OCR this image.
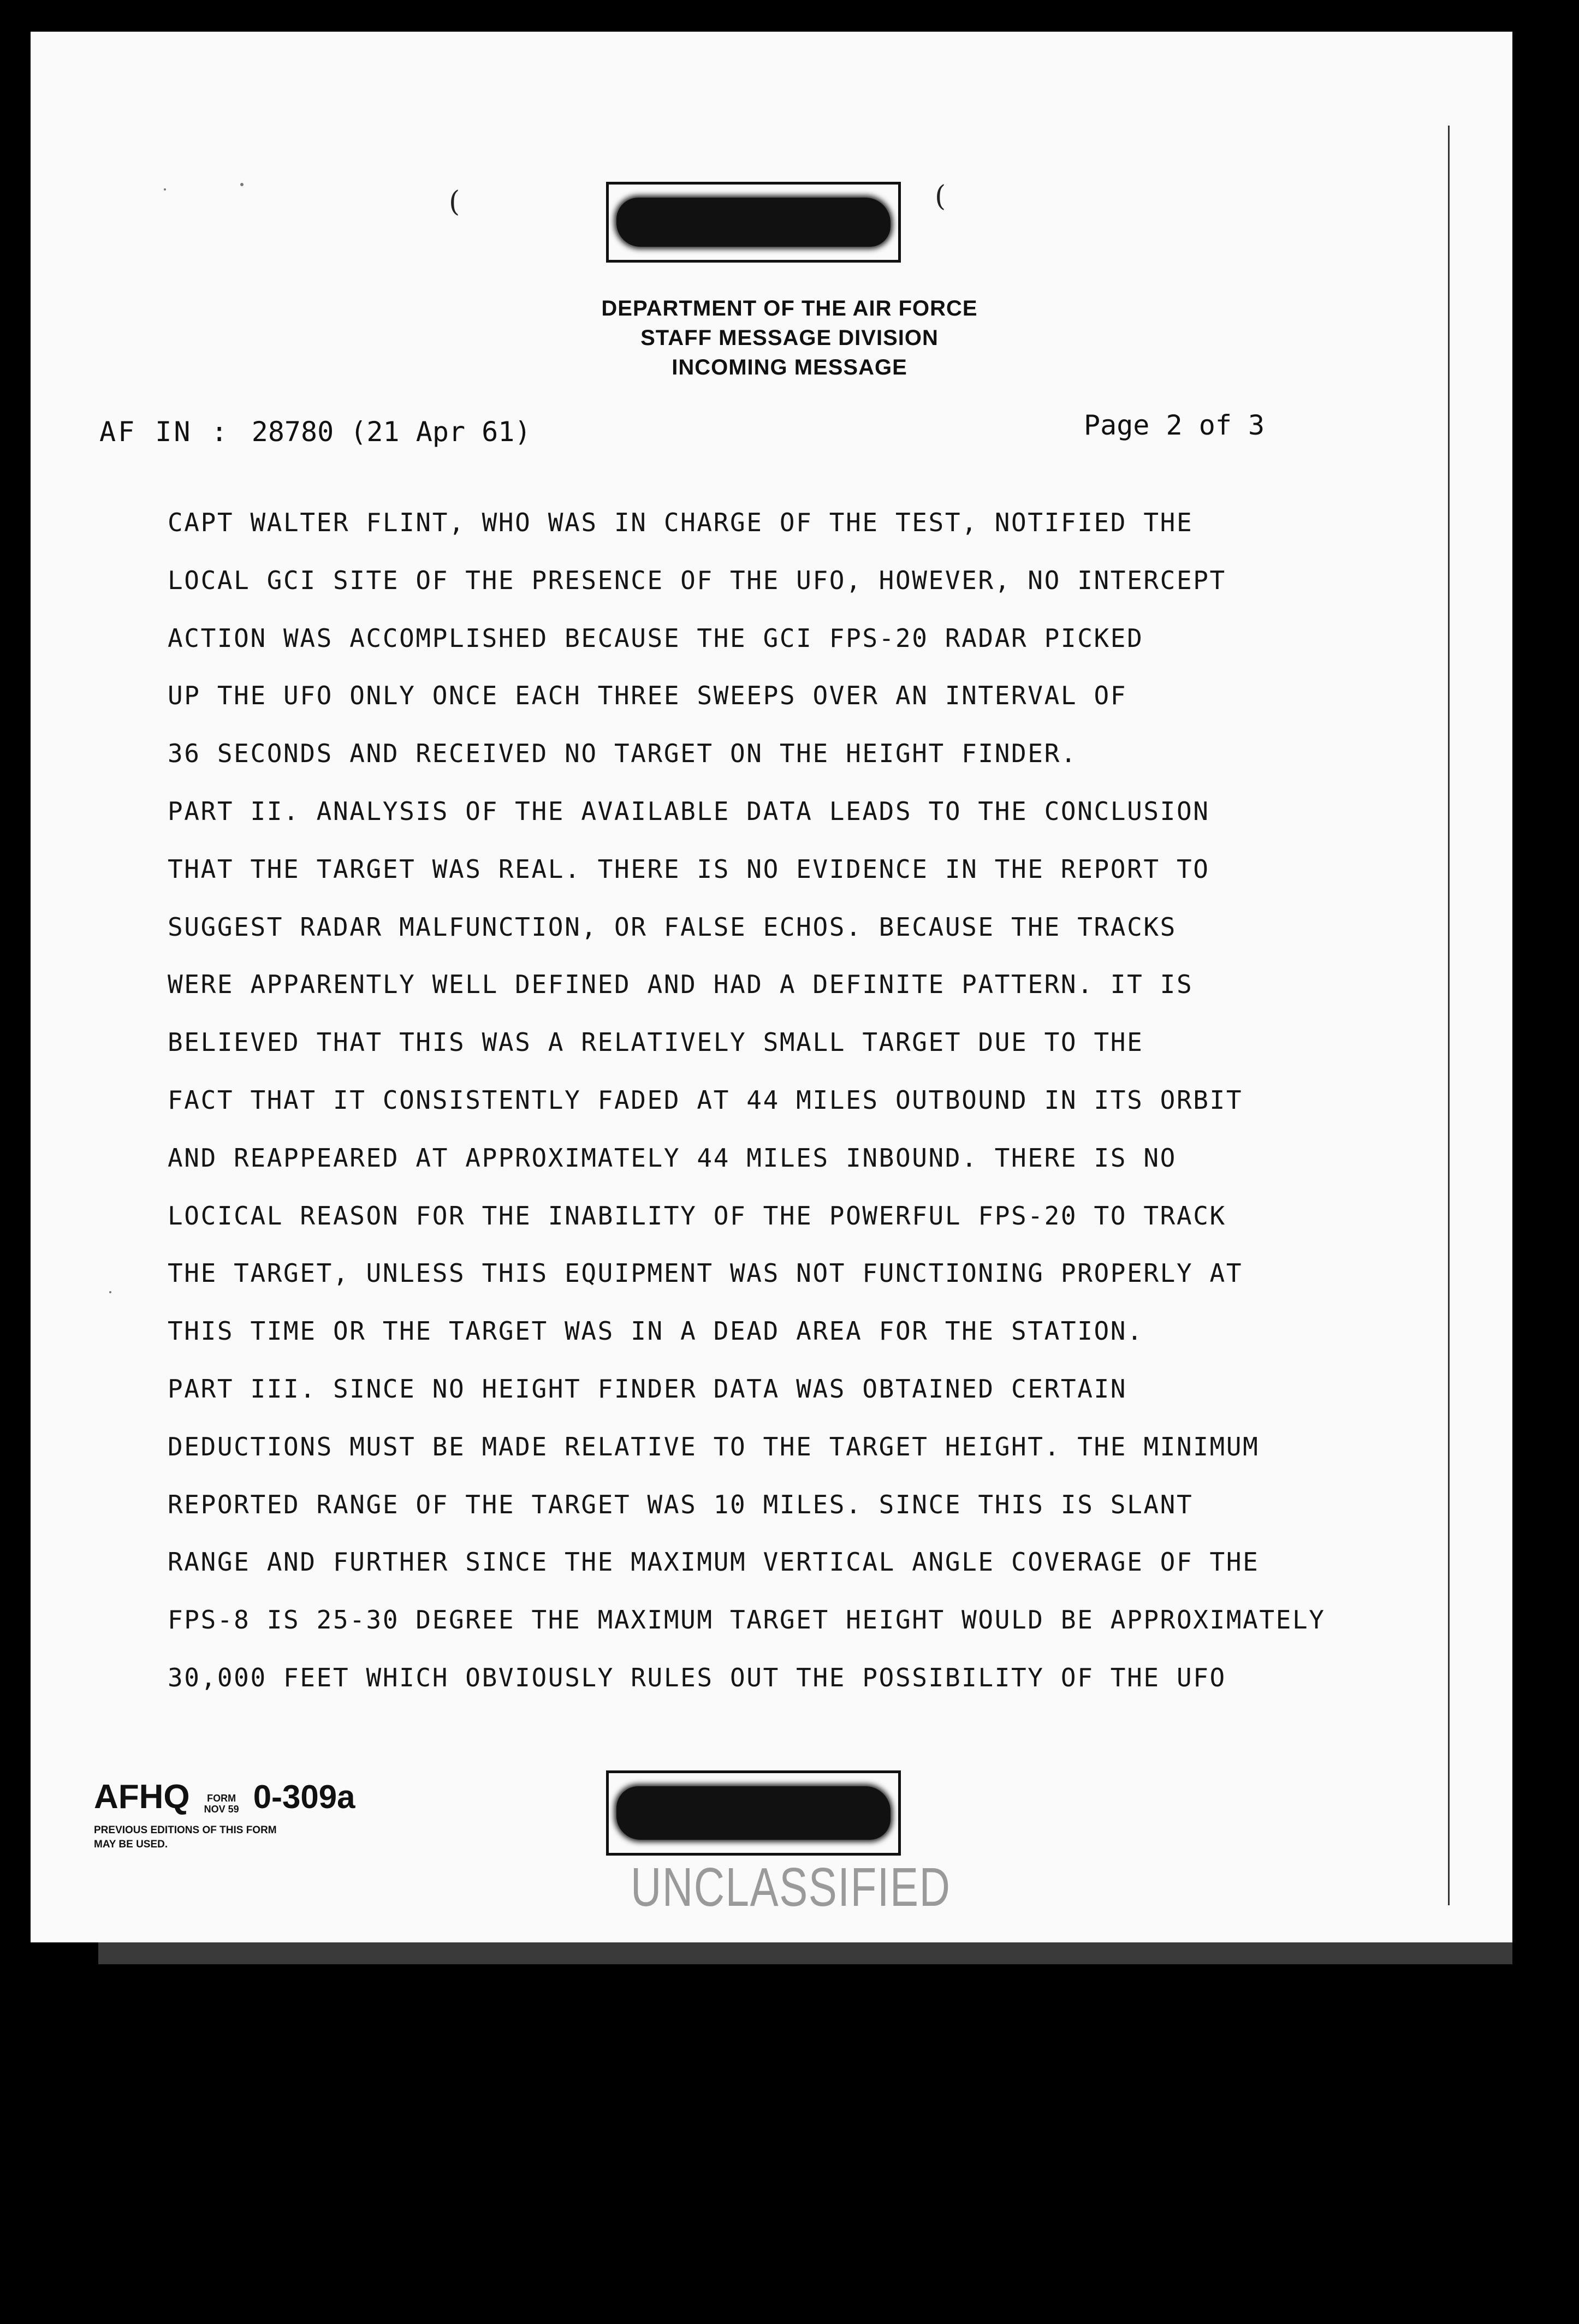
(	(
DEPARTMENT OF THE AIR FORCE
STAFF MESSAGE DIVISION
INCOMING MESSAGE
AF IN : 28780 (21 Apr 61)	Page 2 of 3
CAPT WALTER FLINT, WHO WAS IN CHARGE OF THE TEST, NOTIFIED THE
LOCAL GCI SITE OF THE PRESENCE OF THE UFO, HOWEVER, NO INTERCEPT
ACTION WAS ACCOMPLISHED BECAUSE THE GCI FPS-20 RADAR PICKED
UP THE UFO ONLY ONCE EACH THREE SWEEPS OVER AN INTERVAL OF
36 SECONDS AND RECEIVED NO TARGET ON THE HEIGHT FINDER.
PART II. ANALYSIS OF THE AVAILABLE DATA LEADS TO THE CONCLUSION
THAT THE TARGET WAS REAL. THERE IS NO EVIDENCE IN THE REPORT TO
SUGGEST RADAR MALFUNCTION, OR FALSE ECHOS. BECAUSE THE TRACKS
WERE APPARENTLY WELL DEFINED AND HAD A DEFINITE PATTERN. IT IS
BELIEVED THAT THIS WAS A RELATIVELY SMALL TARGET DUE TO THE
FACT THAT IT CONSISTENTLY FADED AT 44 MILES OUTBOUND IN ITS ORBIT
AND REAPPEARED AT APPROXIMATELY 44 MILES INBOUND. THERE IS NO
LOCICAL REASON FOR THE INABILITY OF THE POWERFUL FPS-20 TO TRACK
THE TARGET, UNLESS THIS EQUIPMENT WAS NOT FUNCTIONING PROPERLY AT
THIS TIME OR THE TARGET WAS IN A DEAD AREA FOR THE STATION.
PART III. SINCE NO HEIGHT FINDER DATA WAS OBTAINED CERTAIN
DEDUCTIONS MUST BE MADE RELATIVE TO THE TARGET HEIGHT. THE MINIMUM
REPORTED RANGE OF THE TARGET WAS 10 MILES. SINCE THIS IS SLANT
RANGE AND FURTHER SINCE THE MAXIMUM VERTICAL ANGLE COVERAGE OF THE
FPS-8 IS 25-30 DEGREE THE MAXIMUM TARGET HEIGHT WOULD BE APPROXIMATELY
30,000 FEET WHICH OBVIOUSLY RULES OUT THE POSSIBILITY OF THE UFO
AFHQ	FORM
NOV 59 0-309a
PREVIOUS EDITIONS OF THIS FORM
MAY BE USED.
UNCLASSIFIED
